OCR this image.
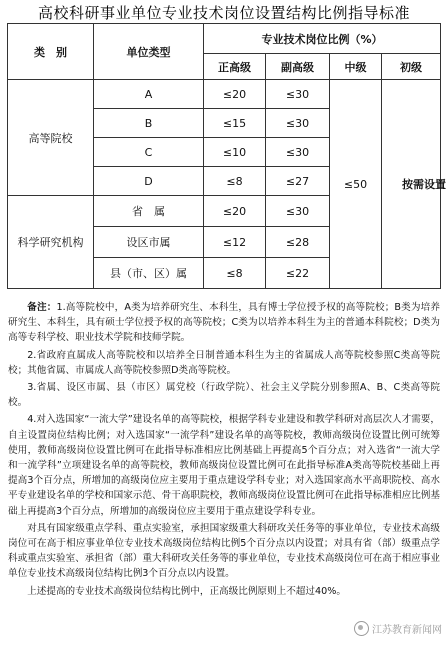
高校科研事业单位专业技术岗位设置结构比例指导标准
类　别	单位类型	专业技术岗位比例（%）			
		正高级	副高级	中级	初级
高等院校	A	≤20	≤30	≤50	按需设置
	B	≤15	≤30		
	C	≤10	≤30		
	D	≤8	≤27		
科学研究机构	省　属	≤20	≤30		
	设区市属	≤12	≤28		
	县（市、区）属	≤8	≤22		

备注：1.高等院校中，A类为培养研究生、本科生，具有博士学位授予权的高等院校；B类为培养研究生、本科生，具有硕士学位授予权的高等院校；C类为以培养本科生为主的普通本科院校；D类为高等专科学校、职业技术学院和技师学院。

2.省政府直属成人高等院校和以培养全日制普通本科生为主的省属成人高等院校参照C类高等院校；其他省属、市属成人高等院校参照D类高等院校。

3.省属、设区市属、县（市区）属党校（行政学院）、社会主义学院分别参照A、B、C类高等院校。

4.对入选国家“一流大学”建设名单的高等院校，根据学科专业建设和教学科研对高层次人才需要，自主设置岗位结构比例；对入选国家“一流学科”建设名单的高等院校，教师高级岗位设置比例可统筹使用，教师高级岗位设置比例可在此指导标准相应比例基础上再提高5个百分点；对入选省“一流大学和一流学科”立项建设名单的高等院校，教师高级岗位设置比例可在此指导标准A类高等院校基础上再提高3个百分点，所增加的高级岗位应主要用于重点建设学科专业；对入选国家高水平高职院校、高水平专业建设名单的学校和国家示范、骨干高职院校，教师高级岗位设置比例可在此指导标准相应比例基础上再提高3个百分点，所增加的高级岗位应主要用于重点建设学科专业。

对具有国家级重点学科、重点实验室，承担国家级重大科研攻关任务等的事业单位，专业技术高级岗位可在高于相应事业单位专业技术高级岗位结构比例5个百分点以内设置；对具有省（部）级重点学科或重点实验室、承担省（部）重大科研攻关任务等的事业单位，专业技术高级岗位可在高于相应事业单位专业技术高级岗位结构比例3个百分点以内设置。

上述提高的专业技术高级岗位结构比例中，正高级比例原则上不超过40%。

江苏教育新闻网
